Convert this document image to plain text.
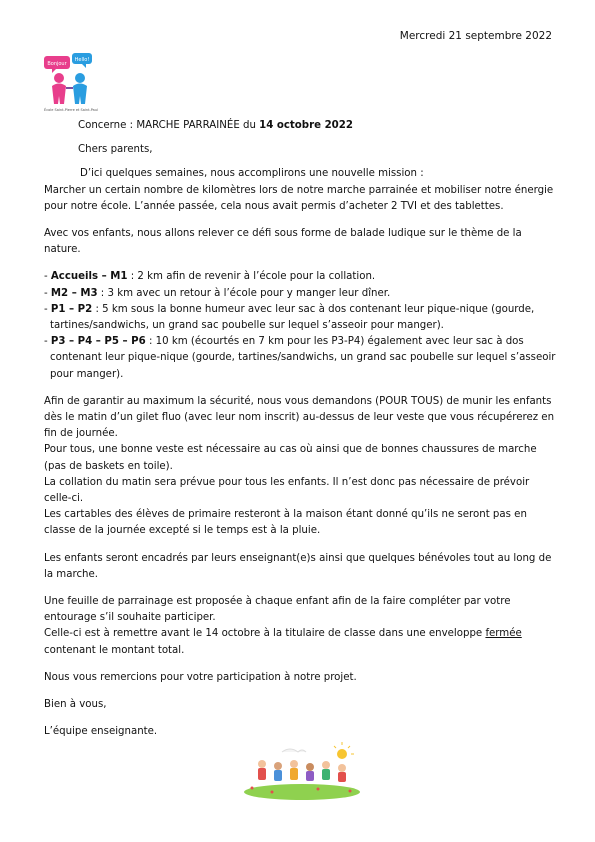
Mercredi 21 septembre 2022
Bonjour
Hello!
École Saint-Pierre et Saint-Paul

Concerne : MARCHE PARRAINÉE du 14 octobre 2022

Chers parents,

D’ici quelques semaines, nous accomplirons une nouvelle mission :

Marcher un certain nombre de kilomètres lors de notre marche parrainée et mobiliser notre énergie pour notre école. L’année passée, cela nous avait permis d’acheter 2 TVI et des tablettes.

Avec vos enfants, nous allons relever ce défi sous forme de balade ludique sur le thème de la nature.

- Accueils – M1 : 2 km afin de revenir à l’école pour la collation.

- M2 – M3 : 3 km avec un retour à l’école pour y manger leur dîner.

- P1 – P2 : 5 km sous la bonne humeur avec leur sac à dos contenant leur pique-nique (gourde, tartines/sandwichs, un grand sac poubelle sur lequel s’asseoir pour manger).

- P3 – P4 – P5 – P6 : 10 km (écourtés en 7 km pour les P3-P4) également avec leur sac à dos contenant leur pique-nique (gourde, tartines/sandwichs, un grand sac poubelle sur lequel s’asseoir pour manger).

Afin de garantir au maximum la sécurité, nous vous demandons (POUR TOUS) de munir les enfants dès le matin d’un gilet fluo (avec leur nom inscrit) au-dessus de leur veste que vous récupérerez en fin de journée.

Pour tous, une bonne veste est nécessaire au cas où ainsi que de bonnes chaussures de marche (pas de baskets en toile).

La collation du matin sera prévue pour tous les enfants. Il n’est donc pas nécessaire de prévoir celle-ci.

Les cartables des élèves de primaire resteront à la maison étant donné qu’ils ne seront pas en classe de la journée excepté si le temps est à la pluie.

Les enfants seront encadrés par leurs enseignant(e)s ainsi que quelques bénévoles tout au long de la marche.

Une feuille de parrainage est proposée à chaque enfant afin de la faire compléter par votre entourage s’il souhaite participer.

Celle-ci est à remettre avant le 14 octobre à la titulaire de classe dans une enveloppe fermée contenant le montant total.

Nous vous remercions pour votre participation à notre projet.

Bien à vous,

L’équipe enseignante.
